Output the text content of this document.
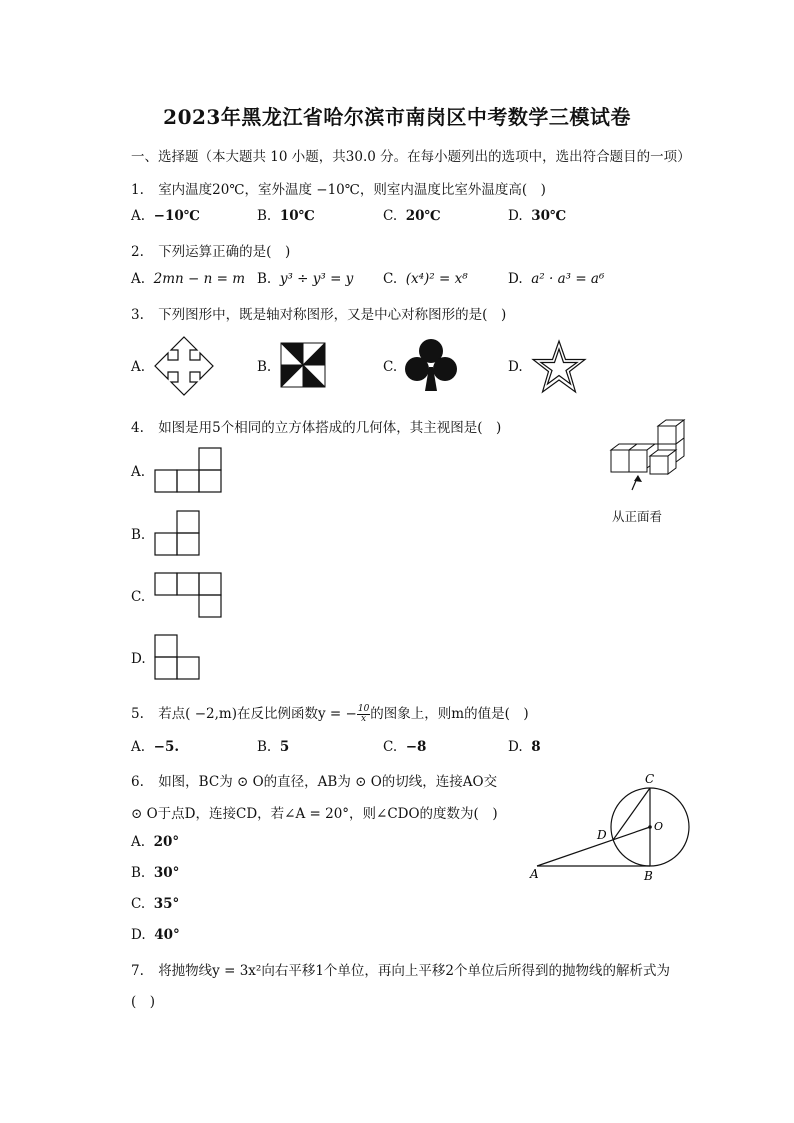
2023年黑龙江省哈尔滨市南岗区中考数学三模试卷
一、选择题（本大题共 10 小题，共30.0 分。在每小题列出的选项中，选出符合题目的一项）
1. 室内温度20℃，室外温度 −10℃，则室内温度比室外温度高(　)
A. −10℃	B. 10℃	C. 20℃	D. 30℃
2. 下列运算正确的是(　)
A. 2mn − n = m B. y³ ÷ y³ = y C. (x⁴)² = x⁸	D. a² · a³ = a⁶
3. 下列图形中，既是轴对称图形，又是中心对称图形的是(　)
A.	B.	C.	D.
4. 如图是用5个相同的立方体搭成的几何体，其主视图是(　)
从正面看
A.
B.
C.
D.
5. 若点( −2,m)在反比例函数y = − $\frac{10}{x}$ 的图象上，则m的值是(　)
A. −5.	B. 5	C. −8	D. 8
6. 如图，BC为 ⊙ O的直径，AB为 ⊙ O的切线，连接AO交
⊙ O于点D，连接CD，若∠A = 20°，则∠CDO的度数为(　)
A. 20°
B. 30°
C. 35°
D. 40°
C
O
D
A	B
7. 将抛物线y = 3x²向右平移1个单位，再向上平移2个单位后所得到的抛物线的解析式为
(　)
